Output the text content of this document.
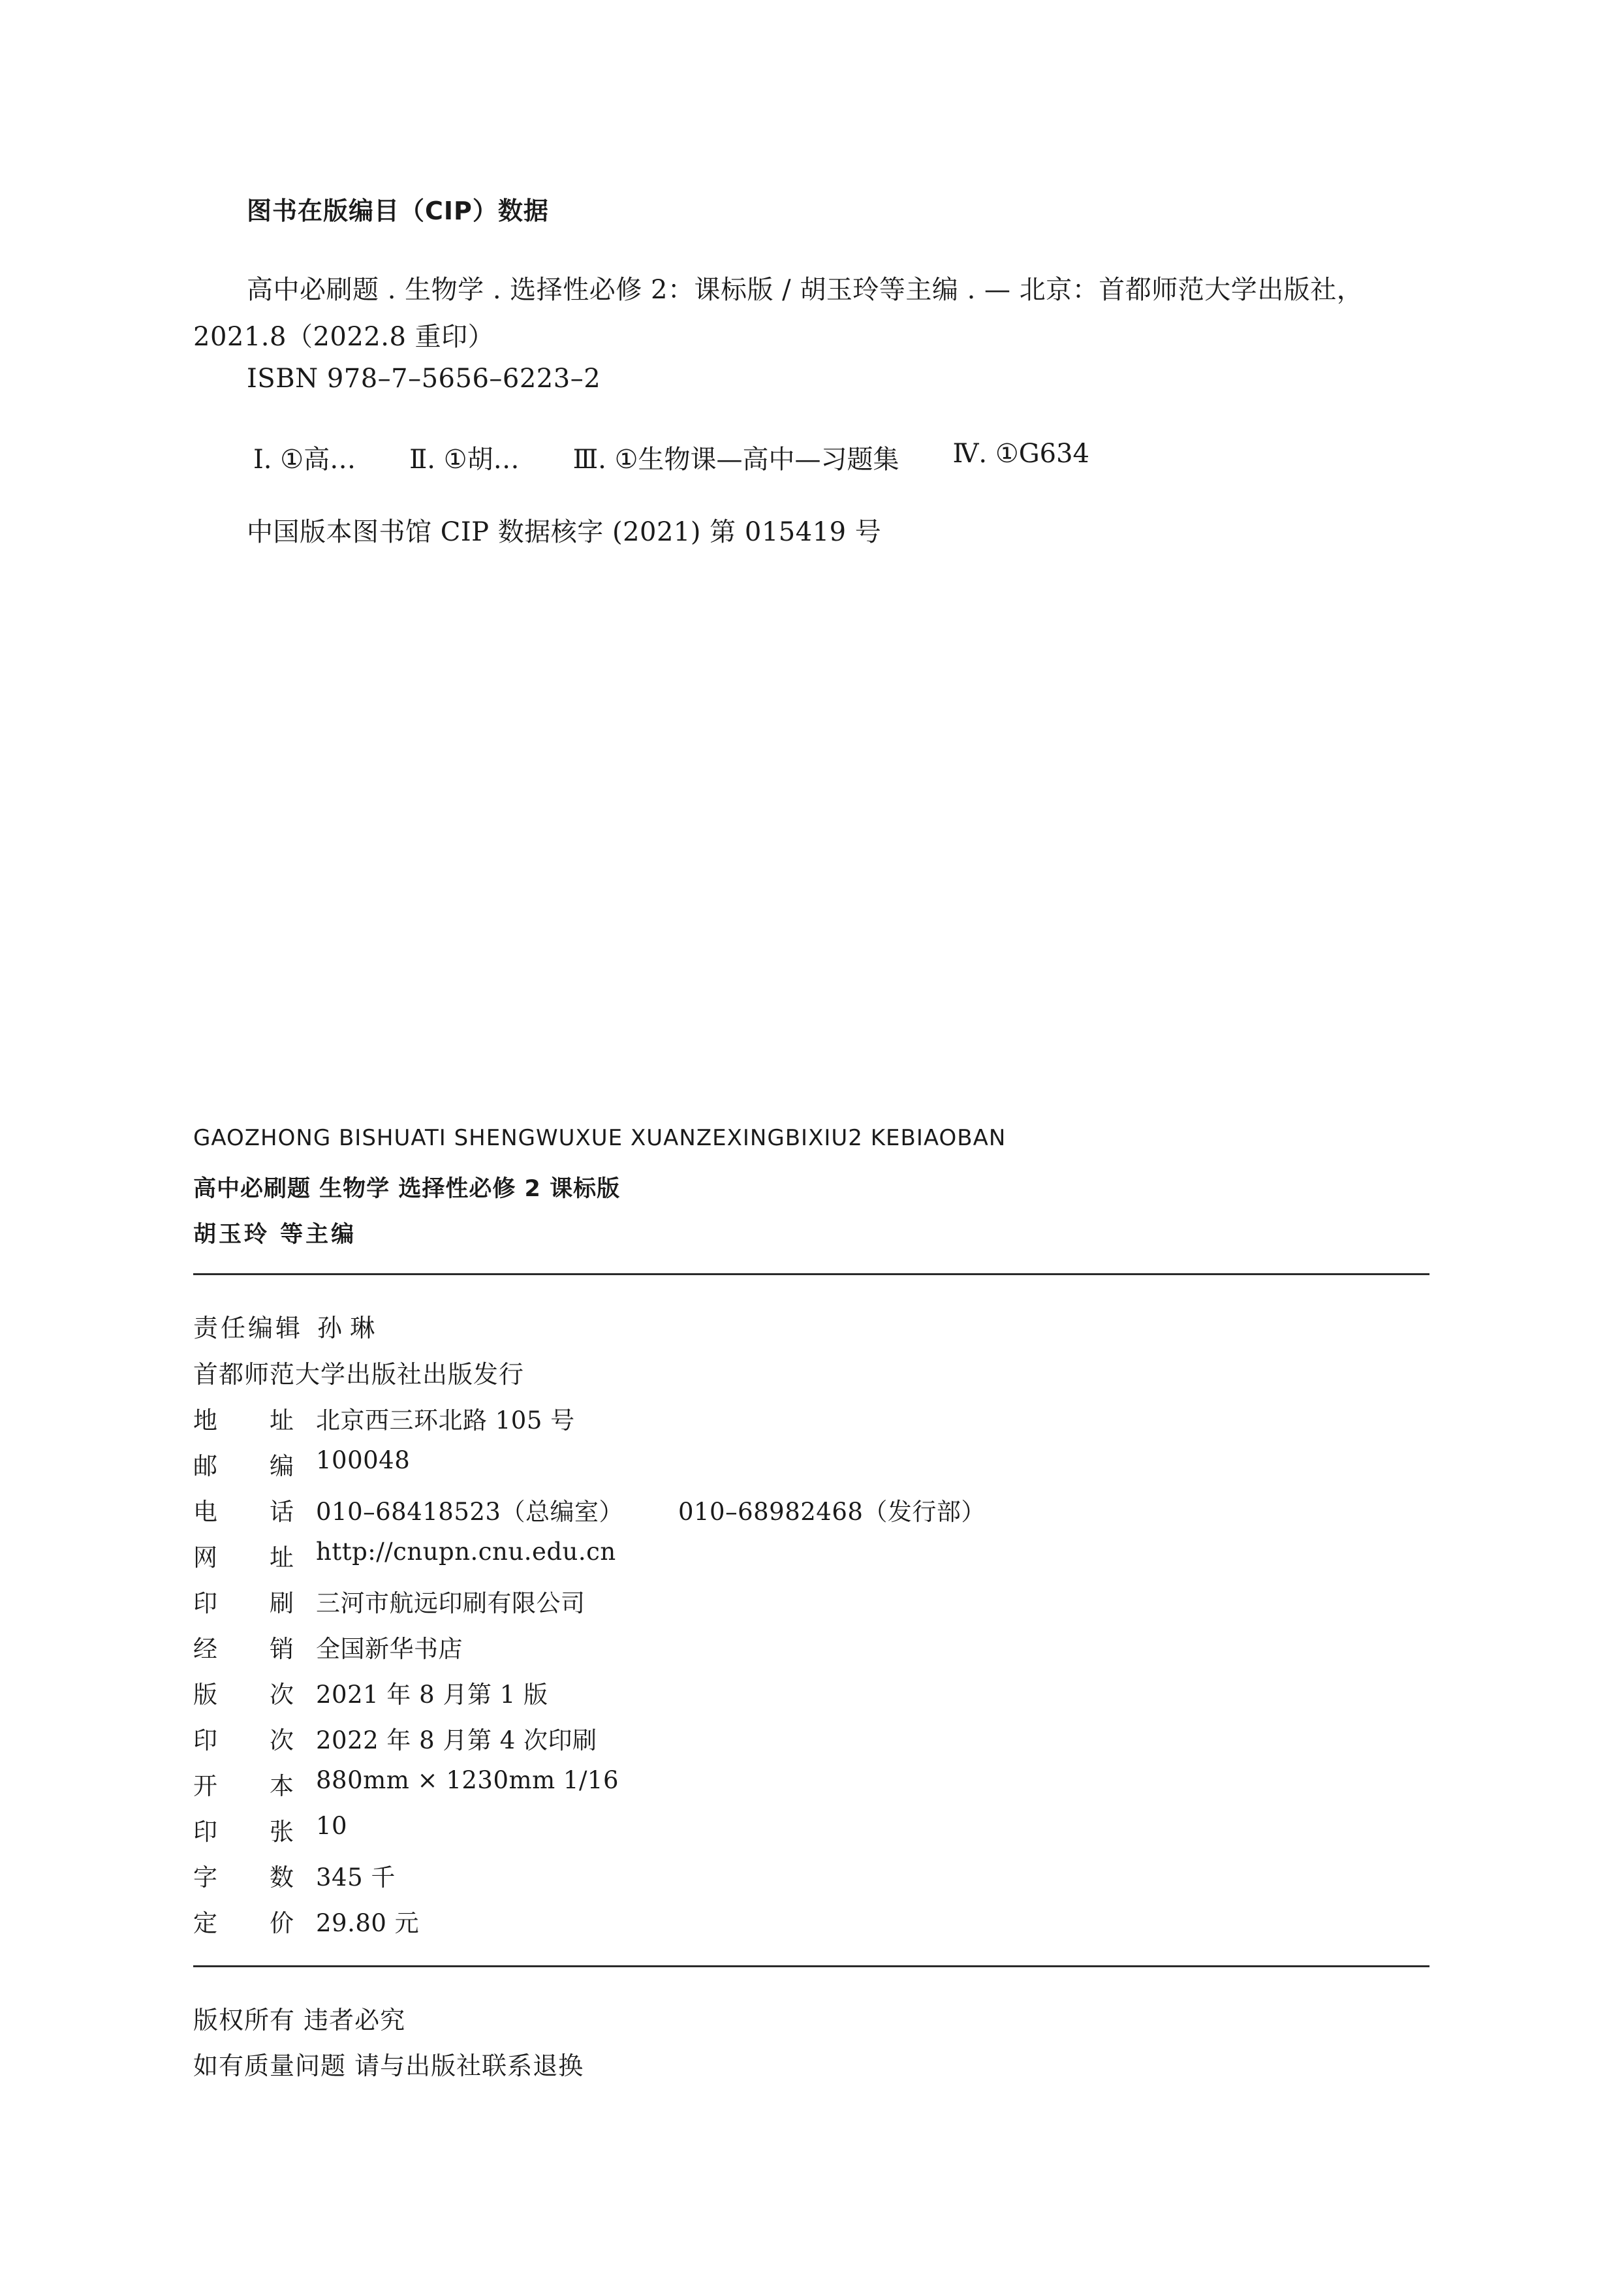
图书在版编目（CIP）数据
高中必刷题 . 生物学 . 选择性必修 2：课标版 / 胡玉玲等主编 . — 北京：首都师范大学出版社，
2021.8（2022.8 重印）
ISBN 978–7–5656–6223–2
Ⅰ. ①高… Ⅱ. ①胡… Ⅲ. ①生物课—高中—习题集 Ⅳ. ①G634
中国版本图书馆 CIP 数据核字 (2021) 第 015419 号
GAOZHONG BISHUATI SHENGWUXUE XUANZEXINGBIXIU2 KEBIAOBAN
高中必刷题 生物学 选择性必修 2 课标版
胡玉玲 等主编
责任编辑 孙 琳
首都师范大学出版社出版发行
地 址 北京西三环北路 105 号
邮 编 100048
电 话 010–68418523（总编室） 010–68982468（发行部）
网 址 http://cnupn.cnu.edu.cn
印 刷 三河市航远印刷有限公司
经 销 全国新华书店
版 次 2021 年 8 月第 1 版
印 次 2022 年 8 月第 4 次印刷
开 本 880mm × 1230mm 1/16
印 张 10
字 数 345 千
定 价 29.80 元
版权所有 违者必究
如有质量问题 请与出版社联系退换
